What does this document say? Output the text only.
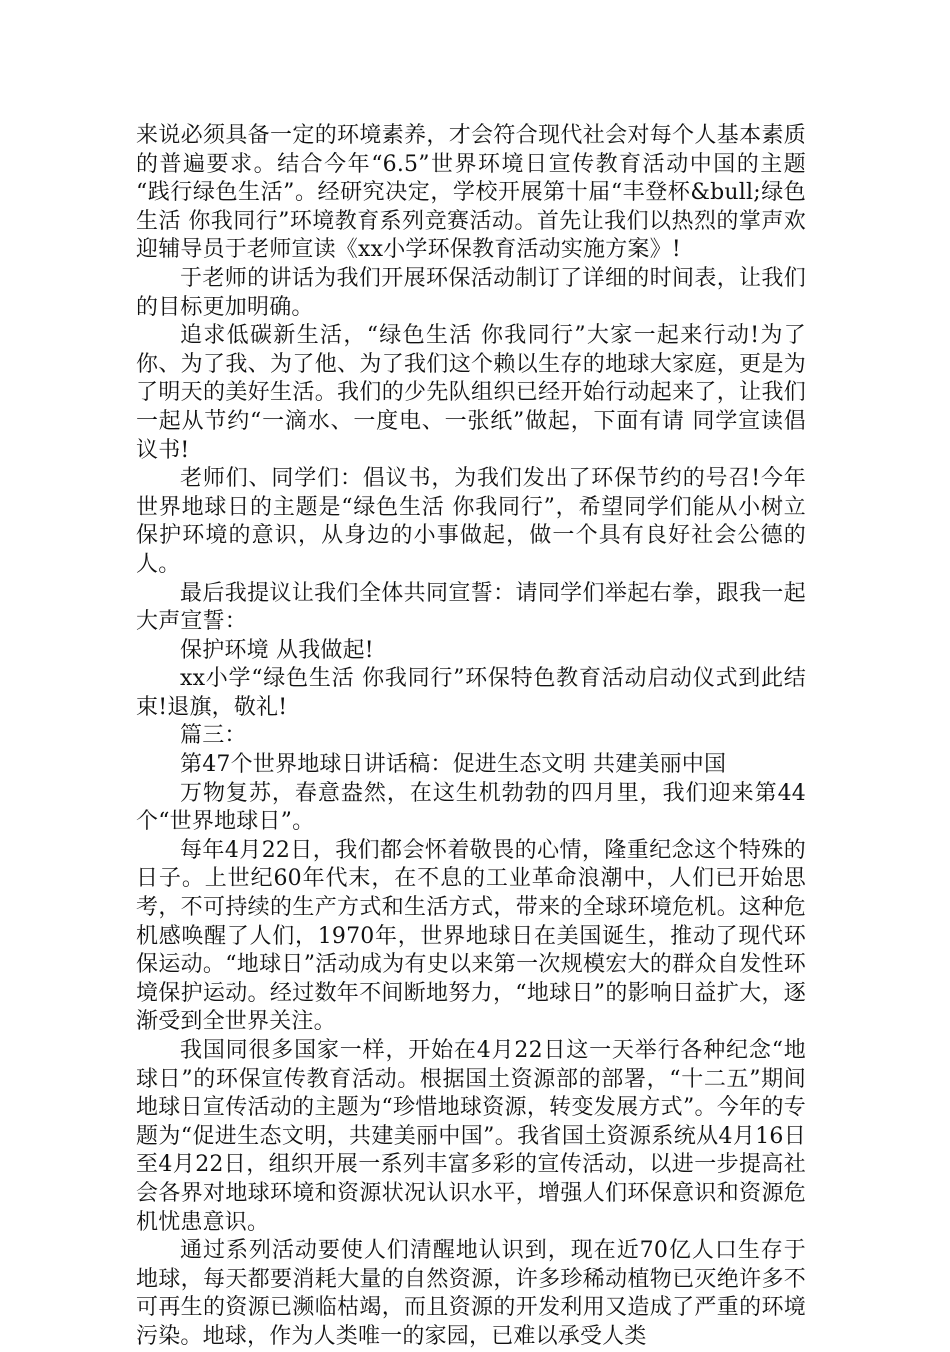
来说必须具备一定的环境素养，才会符合现代社会对每个人基本素质的普遍要求。结合今年“6.5”世界环境日宣传教育活动中国的主题 “践行绿色生活”。经研究决定，学校开展第十届“丰登杯&bull;绿色生活 你我同行”环境教育系列竞赛活动。首先让我们以热烈的掌声欢迎辅导员于老师宣读《xx小学环保教育活动实施方案》!

于老师的讲话为我们开展环保活动制订了详细的时间表，让我们的目标更加明确。

追求低碳新生活，“绿色生活 你我同行”大家一起来行动!为了你、为了我、为了他、为了我们这个赖以生存的地球大家庭，更是为了明天的美好生活。我们的少先队组织已经开始行动起来了，让我们一起从节约“一滴水、一度电、一张纸”做起，下面有请 同学宣读倡议书!

老师们、同学们：倡议书，为我们发出了环保节约的号召!今年世界地球日的主题是“绿色生活 你我同行”，希望同学们能从小树立保护环境的意识，从身边的小事做起，做一个具有良好社会公德的人。

最后我提议让我们全体共同宣誓：请同学们举起右拳，跟我一起大声宣誓：

保护环境 从我做起!

xx小学“绿色生活 你我同行”环保特色教育活动启动仪式到此结束!退旗，敬礼!

篇三：

第47个世界地球日讲话稿：促进生态文明 共建美丽中国

万物复苏，春意盎然，在这生机勃勃的四月里，我们迎来第44个“世界地球日”。

每年4月22日，我们都会怀着敬畏的心情，隆重纪念这个特殊的日子。上世纪60年代末，在不息的工业革命浪潮中，人们已开始思考，不可持续的生产方式和生活方式，带来的全球环境危机。这种危机感唤醒了人们，1970年，世界地球日在美国诞生，推动了现代环保运动。“地球日”活动成为有史以来第一次规模宏大的群众自发性环境保护运动。经过数年不间断地努力，“地球日”的影响日益扩大，逐渐受到全世界关注。

我国同很多国家一样，开始在4月22日这一天举行各种纪念“地球日”的环保宣传教育活动。根据国土资源部的部署，“十二五”期间地球日宣传活动的主题为“珍惜地球资源，转变发展方式”。今年的专题为“促进生态文明，共建美丽中国”。我省国土资源系统从4月16日至4月22日，组织开展一系列丰富多彩的宣传活动，以进一步提高社会各界对地球环境和资源状况认识水平，增强人们环保意识和资源危机忧患意识。

通过系列活动要使人们清醒地认识到，现在近70亿人口生存于地球，每天都要消耗大量的自然资源，许多珍稀动植物已灭绝许多不可再生的资源已濒临枯竭，而且资源的开发利用又造成了严重的环境污染。地球，作为人类唯一的家园，已难以承受人类
